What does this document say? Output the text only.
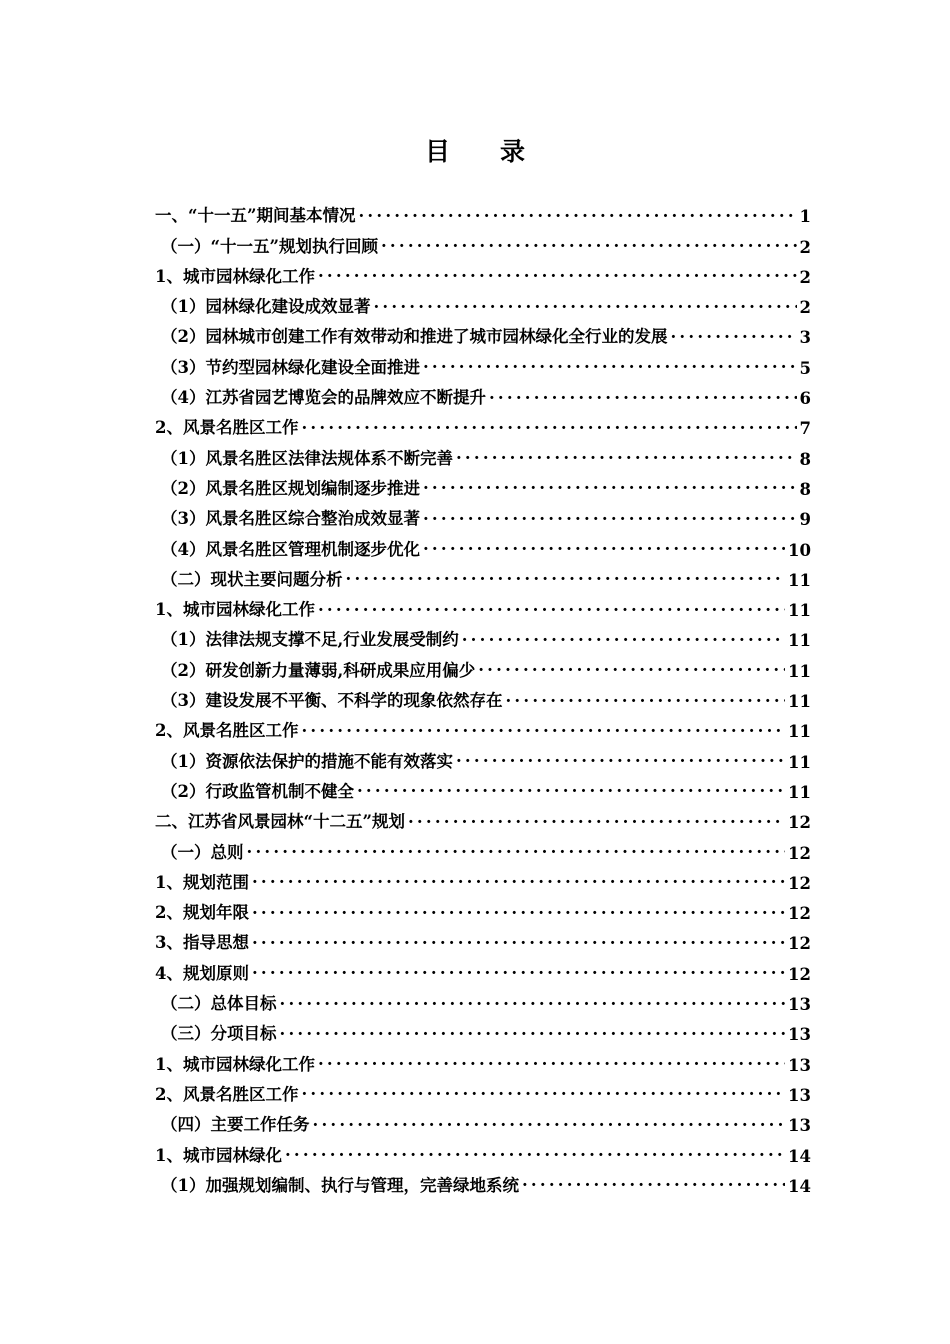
目　　录
一、“十一五”期间基本情况 .....	1
（一）“十一五”规划执行回顾 .....	2
1、城市园林绿化工作 .....	2
（1）园林绿化建设成效显著 .....	2
（2）园林城市创建工作有效带动和推进了城市园林绿化全行业的发展 .....	3
（3）节约型园林绿化建设全面推进 .....	5
（4）江苏省园艺博览会的品牌效应不断提升 .....	6
2、风景名胜区工作 .....	7
（1）风景名胜区法律法规体系不断完善 .....	8
（2）风景名胜区规划编制逐步推进 .....	8
（3）风景名胜区综合整治成效显著 .....	9
（4）风景名胜区管理机制逐步优化 .....	10
（二）现状主要问题分析 .....	11
1、城市园林绿化工作 .....	11
（1）法律法规支撑不足,行业发展受制约 .....	11
（2）研发创新力量薄弱,科研成果应用偏少 .....	11
（3）建设发展不平衡、不科学的现象依然存在 .....	11
2、风景名胜区工作 .....	11
（1）资源依法保护的措施不能有效落实 .....	11
（2）行政监管机制不健全 .....	11
二、江苏省风景园林“十二五”规划 .....	12
（一）总则 .....	12
1、规划范围 .....	12
2、规划年限 .....	12
3、指导思想 .....	12
4、规划原则 .....	12
（二）总体目标 .....	13
（三）分项目标 .....	13
1、城市园林绿化工作 .....	13
2、风景名胜区工作 .....	13
（四）主要工作任务 .....	13
1、城市园林绿化 .....	14
（1）加强规划编制、执行与管理，完善绿地系统 .....	14
